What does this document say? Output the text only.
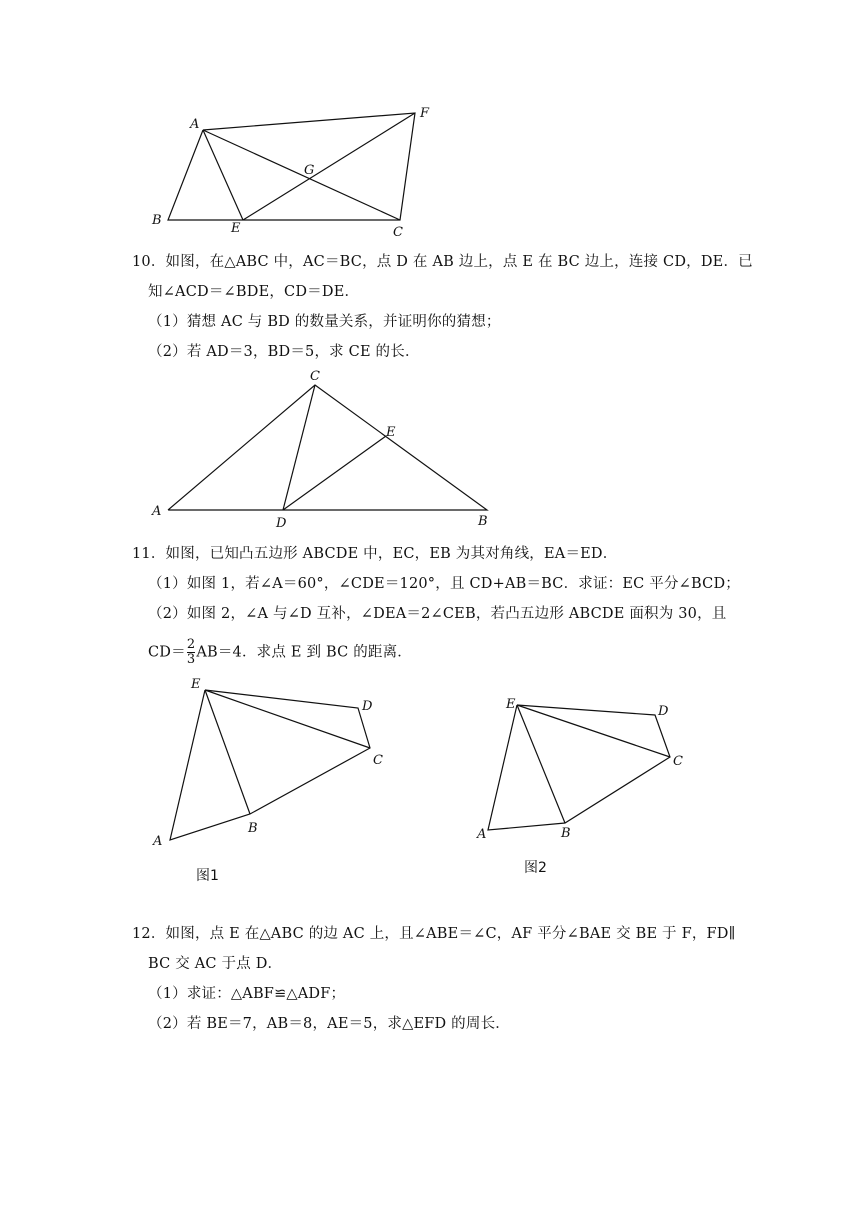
A
F
G
B
E	C
C
E
A
D	B
E
D
C
B
A
图1
E	D
C
B
A
图2
10．如图，在△ABC 中，AC＝BC，点 D 在 AB 边上，点 E 在 BC 边上，连接 CD，DE．已
知∠ACD＝∠BDE，CD＝DE．
（1）猜想 AC 与 BD 的数量关系，并证明你的猜想；
（2）若 AD＝3，BD＝5，求 CE 的长．
11．如图，已知凸五边形 ABCDE 中，EC，EB 为其对角线，EA＝ED．
（1）如图 1，若∠A＝60°，∠CDE＝120°，且 CD+AB＝BC．求证：EC 平分∠BCD；
（2）如图 2，∠A 与∠D 互补，∠DEA＝2∠CEB，若凸五边形 ABCDE 面积为 30，且
$CD= \frac{2}{3} AB=4$．求点 E 到 BC 的距离．
12．如图，点 E 在△ABC 的边 AC 上，且∠ABE＝∠C，AF 平分∠BAE 交 BE 于 F，FD∥
BC 交 AC 于点 D．
（1）求证：△ABF≌△ADF；
（2）若 BE＝7，AB＝8，AE＝5，求△EFD 的周长．
